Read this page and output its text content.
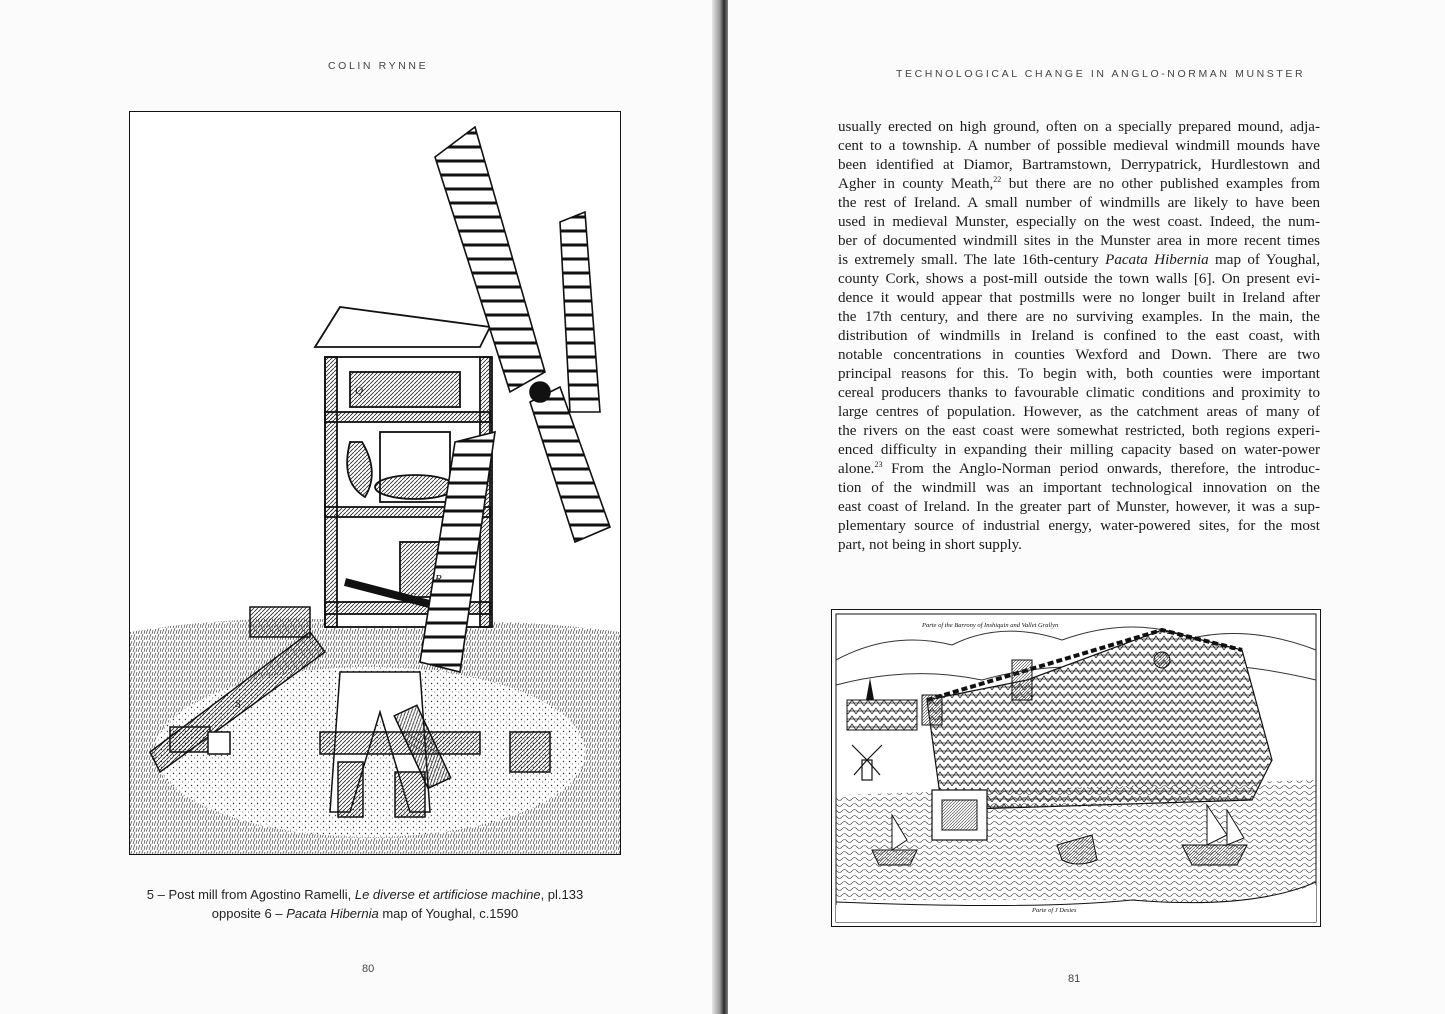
COLIN RYNNE
Q
S
R
S
5 – Post mill from Agostino Ramelli, Le diverse et artificiose machine, pl.133
opposite 6 – Pacata Hibernia map of Youghal, c.1590
80
TECHNOLOGICAL CHANGE IN ANGLO-NORMAN MUNSTER
81
usually erected on high ground, often on a specially prepared mound, adja-
cent to a township. A number of possible medieval windmill mounds have
been identified at Diamor, Bartramstown, Derrypatrick, Hurdlestown and
Agher in county Meath,$^{22}$ but there are no other published examples from
the rest of Ireland. A small number of windmills are likely to have been
used in medieval Munster, especially on the west coast. Indeed, the num-
ber of documented windmill sites in the Munster area in more recent times
is extremely small. The late 16th-century Pacata Hibernia map of Youghal,
county Cork, shows a post-mill outside the town walls [6]. On present evi-
dence it would appear that postmills were no longer built in Ireland after
the 17th century, and there are no surviving examples. In the main, the
distribution of windmills in Ireland is confined to the east coast, with
notable concentrations in counties Wexford and Down. There are two
principal reasons for this. To begin with, both counties were important
cereal producers thanks to favourable climatic conditions and proximity to
large centres of population. However, as the catchment areas of many of
the rivers on the east coast were somewhat restricted, both regions experi-
enced difficulty in expanding their milling capacity based on water-power
alone.$^{23}$ From the Anglo-Norman period onwards, therefore, the introduc-
tion of the windmill was an important technological innovation on the
east coast of Ireland. In the greater part of Munster, however, it was a sup-
plementary source of industrial energy, water-powered sites, for the most
part, not being in short supply.
Parte of the Barrony of Inshiquin and Vallet Grallyn
Parte of J Desies
